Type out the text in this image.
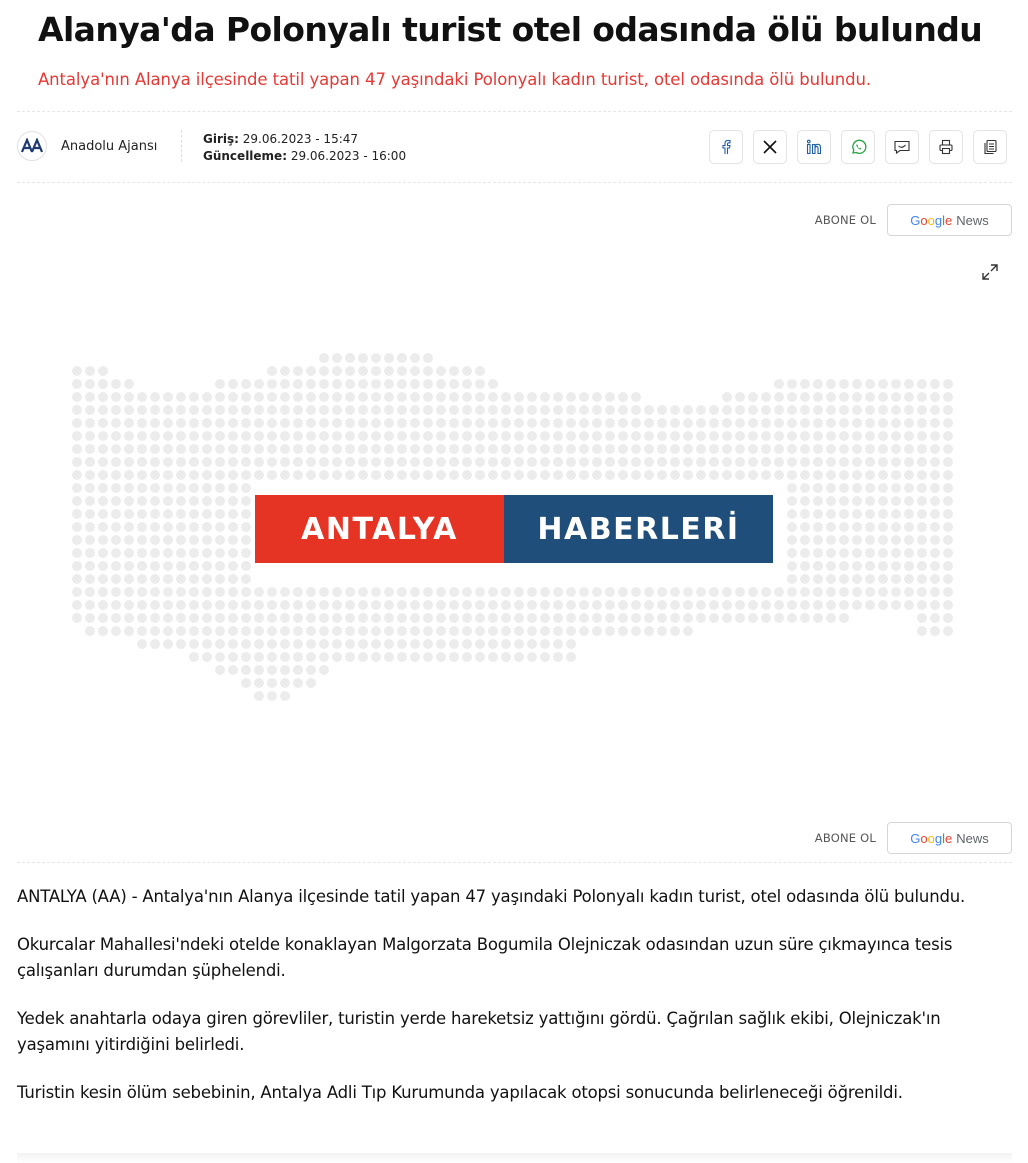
Alanya'da Polonyalı turist otel odasında ölü bulundu
Antalya'nın Alanya ilçesinde tatil yapan 47 yaşındaki Polonyalı kadın turist, otel odasında ölü bulundu.
Anadolu Ajansı	Giriş: 29.06.2023 - 15:47
Güncelleme: 29.06.2023 - 16:00
ABONE OL	Google News
ANTALYA	HABERLERİ
ABONE OL	Google News

ANTALYA (AA) - Antalya'nın Alanya ilçesinde tatil yapan 47 yaşındaki Polonyalı kadın turist, otel odasında ölü bulundu.

Okurcalar Mahallesi'ndeki otelde konaklayan Malgorzata Bogumila Olejniczak odasından uzun süre çıkmayınca tesis çalışanları durumdan şüphelendi.

Yedek anahtarla odaya giren görevliler, turistin yerde hareketsiz yattığını gördü. Çağrılan sağlık ekibi, Olejniczak'ın yaşamını yitirdiğini belirledi.

Turistin kesin ölüm sebebinin, Antalya Adli Tıp Kurumunda yapılacak otopsi sonucunda belirleneceği öğrenildi.
